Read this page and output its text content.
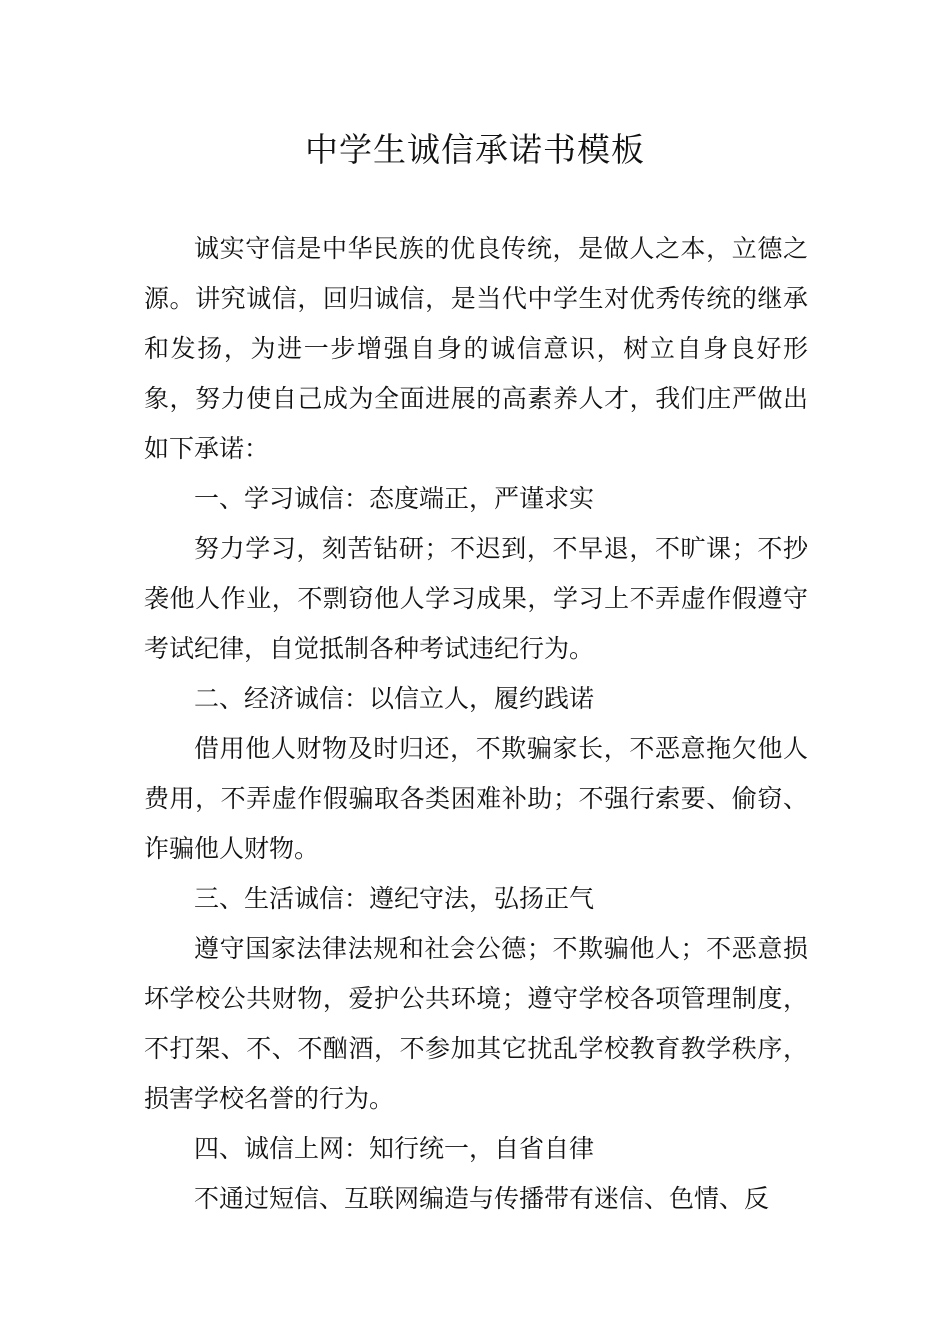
中学生诚信承诺书模板

诚实守信是中华民族的优良传统，是做人之本，立德之源。讲究诚信，回归诚信，是当代中学生对优秀传统的继承和发扬，为进一步增强自身的诚信意识，树立自身良好形象，努力使自己成为全面进展的高素养人才，我们庄严做出如下承诺：

一、学习诚信：态度端正，严谨求实

努力学习，刻苦钻研；不迟到，不早退，不旷课；不抄袭他人作业，不剽窃他人学习成果，学习上不弄虚作假遵守考试纪律，自觉抵制各种考试违纪行为。

二、经济诚信：以信立人，履约践诺

借用他人财物及时归还，不欺骗家长，不恶意拖欠他人费用，不弄虚作假骗取各类困难补助；不强行索要、偷窃、诈骗他人财物。

三、生活诚信：遵纪守法，弘扬正气

遵守国家法律法规和社会公德；不欺骗他人；不恶意损坏学校公共财物，爱护公共环境；遵守学校各项管理制度，不打架、不、不酗酒，不参加其它扰乱学校教育教学秩序，损害学校名誉的行为。

四、诚信上网：知行统一，自省自律

不通过短信、互联网编造与传播带有迷信、色情、反
